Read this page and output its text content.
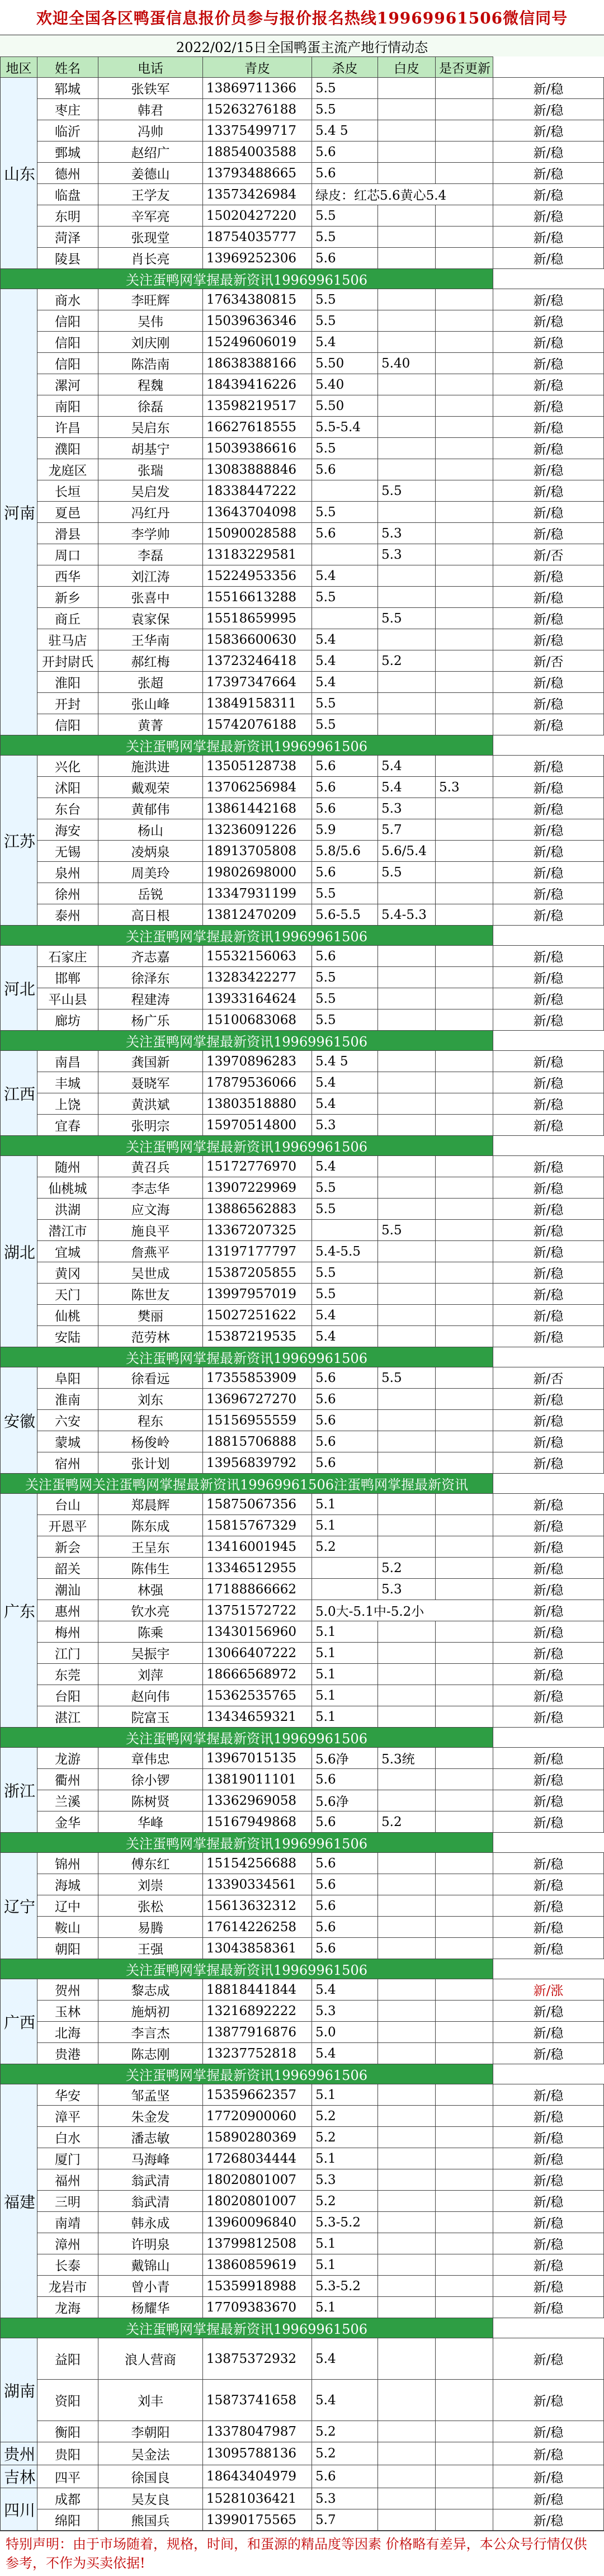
欢迎全国各区鸭蛋信息报价员参与报价报名热线19969961506微信同号
2022/02/15日全国鸭蛋主流产地行情动态
地区	姓名	电话	青皮	杀皮	白皮	是否更新	
山东	郓城	张铁军	13869711366	5.5			新/稳
	枣庄	韩君	15263276188	5.5			新/稳
	临沂	冯帅	13375499717	5.4 5			新/稳
	鄄城	赵绍广	18854003588	5.6			新/稳
	德州	姜德山	13793488665	5.6			新/稳
	临盘	王学友	13573426984	绿皮：红芯5.6黄心5.4			新/稳
	东明	辛军亮	15020427220	5.5			新/稳
	菏泽	张现堂	18754035777	5.5			新/稳
	陵县	肖长亮	13969252306	5.6			新/稳
关注蛋鸭网掌握最新资讯19969961506							
河南	商水	李旺辉	17634380815	5.5			新/稳
	信阳	吴伟	15039636346	5.5			新/稳
	信阳	刘庆刚	15249606019	5.4			新/稳
	信阳	陈浩南	18638388166	5.50	5.40		新/稳
	漯河	程魏	18439416226	5.40			新/稳
	南阳	徐磊	13598219517	5.50			新/稳
	许昌	吴启东	16627618555	5.5-5.4			新/稳
	濮阳	胡基宁	15039386616	5.5			新/稳
	龙庭区	张瑞	13083888846	5.6			新/稳
	长垣	吴启发	18338447222		5.5		新/稳
	夏邑	冯红丹	13643704098	5.5			新/稳
	滑县	李学帅	15090028588	5.6	5.3		新/稳
	周口	李磊	13183229581		5.3		新/否
	西华	刘江涛	15224953356	5.4			新/稳
	新乡	张喜中	15516613288	5.5			新/稳
	商丘	袁家保	15518659995		5.5		新/稳
	驻马店	王华南	15836600630	5.4			新/稳
	开封尉氏	郝红梅	13723246418	5.4	5.2		新/否
	淮阳	张超	17397347664	5.4			新/稳
	开封	张山峰	13849158311	5.5			新/稳
	信阳	黄菁	15742076188	5.5			新/稳
关注蛋鸭网掌握最新资讯19969961506							
江苏	兴化	施洪进	13505128738	5.6	5.4		新/稳
	沭阳	戴观荣	13706256984	5.6	5.4	5.3	新/稳
	东台	黄郁伟	13861442168	5.6	5.3		新/稳
	海安	杨山	13236091226	5.9	5.7		新/稳
	无锡	凌炳泉	18913705808	5.8/5.6	5.6/5.4		新/稳
	泉州	周美玲	19802698000	5.6	5.5		新/稳
	徐州	岳锐	13347931199	5.5			新/稳
	泰州	高日根	13812470209	5.6-5.5	5.4-5.3		新/稳
关注蛋鸭网掌握最新资讯19969961506							
河北	石家庄	齐志嘉	15532156063	5.6			新/稳
	邯郸	徐泽东	13283422277	5.5			新/稳
	平山县	程建涛	13933164624	5.5			新/稳
	廊坊	杨广乐	15100683068	5.5			新/稳
关注蛋鸭网掌握最新资讯19969961506							
江西	南昌	龚国新	13970896283	5.4 5			新/稳
	丰城	聂晓军	17879536066	5.4			新/稳
	上饶	黄洪斌	13803518880	5.4			新/稳
	宜春	张明宗	15970514800	5.3			新/稳
关注蛋鸭网掌握最新资讯19969961506							
湖北	随州	黄召兵	15172776970	5.4			新/稳
	仙桃城	李志华	13907229969	5.5			新/稳
	洪湖	应文海	13886562883	5.5			新/稳
	潜江市	施良平	13367207325		5.5		新/稳
	宜城	詹燕平	13197177797	5.4-5.5			新/稳
	黄冈	吴世成	15387205855	5.5			新/稳
	天门	陈世友	13997957019	5.5			新/稳
	仙桃	樊丽	15027251622	5.4			新/稳
	安陆	范劳林	15387219535	5.4			新/稳
关注蛋鸭网掌握最新资讯19969961506							
安徽	阜阳	徐看远	17355853909	5.6	5.5		新/否
	淮南	刘东	13696727270	5.6			新/稳
	六安	程东	15156955559	5.6			新/稳
	蒙城	杨俊岭	18815706888	5.6			新/稳
	宿州	张计划	13956839792	5.6			新/稳
关注蛋鸭网关注蛋鸭网掌握最新资讯19969961506注蛋鸭网掌握最新资讯							
广东	台山	郑晨辉	15875067356	5.1			新/稳
	开恩平	陈东成	15815767329	5.1			新/稳
	新会	王呈东	13416001945	5.2			新/稳
	韶关	陈伟生	13346512955		5.2		新/稳
	潮汕	林强	17188866662		5.3		新/稳
	惠州	钦水亮	13751572722	5.0大-5.1中-5.2小			新/稳
	梅州	陈乘	13430156960	5.1			新/稳
	江门	吴振宇	13066407222	5.1			新/稳
	东莞	刘萍	18666568972	5.1			新/稳
	台阳	赵向伟	15362535765	5.1			新/稳
	湛江	院富玉	13434659321	5.1			新/稳
关注蛋鸭网掌握最新资讯19969961506							
浙江	龙游	章伟忠	13967015135	5.6净	5.3统		新/稳
	衢州	徐小锣	13819011101	5.6			新/稳
	兰溪	陈树贤	13362969058	5.6净			新/稳
	金华	华峰	15167949868	5.6	5.2		新/稳
关注蛋鸭网掌握最新资讯19969961506							
辽宁	锦州	傅东红	15154256688	5.6			新/稳
	海城	刘崇	13390334561	5.6			新/稳
	辽中	张松	15613632312	5.6			新/稳
	鞍山	易腾	17614226258	5.6			新/稳
	朝阳	王强	13043858361	5.6			新/稳
关注蛋鸭网掌握最新资讯19969961506							
广西	贺州	黎志成	18818441844	5.4			新/涨
	玉林	施炳初	13216892222	5.3			新/稳
	北海	李言杰	13877916876	5.0			新/稳
	贵港	陈志刚	13237752818	5.4			新/稳
关注蛋鸭网掌握最新资讯19969961506							
福建	华安	邹孟坚	15359662357	5.1			新/稳
	漳平	朱金发	17720900060	5.2			新/稳
	白水	潘志敏	15890280369	5.2			新/稳
	厦门	马海峰	17268034444	5.1			新/稳
	福州	翁武清	18020801007	5.3			新/稳
	三明	翁武清	18020801007	5.2			新/稳
	南靖	韩永成	13960096840	5.3-5.2			新/稳
	漳州	许明泉	13799812508	5.1			新/稳
	长泰	戴锦山	13860859619	5.1			新/稳
	龙岩市	曾小青	15359918988	5.3-5.2			新/稳
	龙海	杨耀华	17709383670	5.1			新/稳
关注蛋鸭网掌握最新资讯19969961506							
湖南	益阳	浪人营商	13875372932	5.4			新/稳
	资阳	刘丰	15873741658	5.4			新/稳
	衡阳	李朝阳	13378047987	5.2			新/稳
贵州	贵阳	吴金法	13095788136	5.2			新/稳
吉林	四平	徐国良	18643404979	5.6			新/稳
四川	成都	吴友良	15281036421	5.3			新/稳
	绵阳	熊国兵	13990175565	5.7			新/稳
特别声明：由于市场随着，规格，时间，和蛋源的精品度等因素 价格略有差异，本公众号行情仅供参考，不作为买卖依据!
